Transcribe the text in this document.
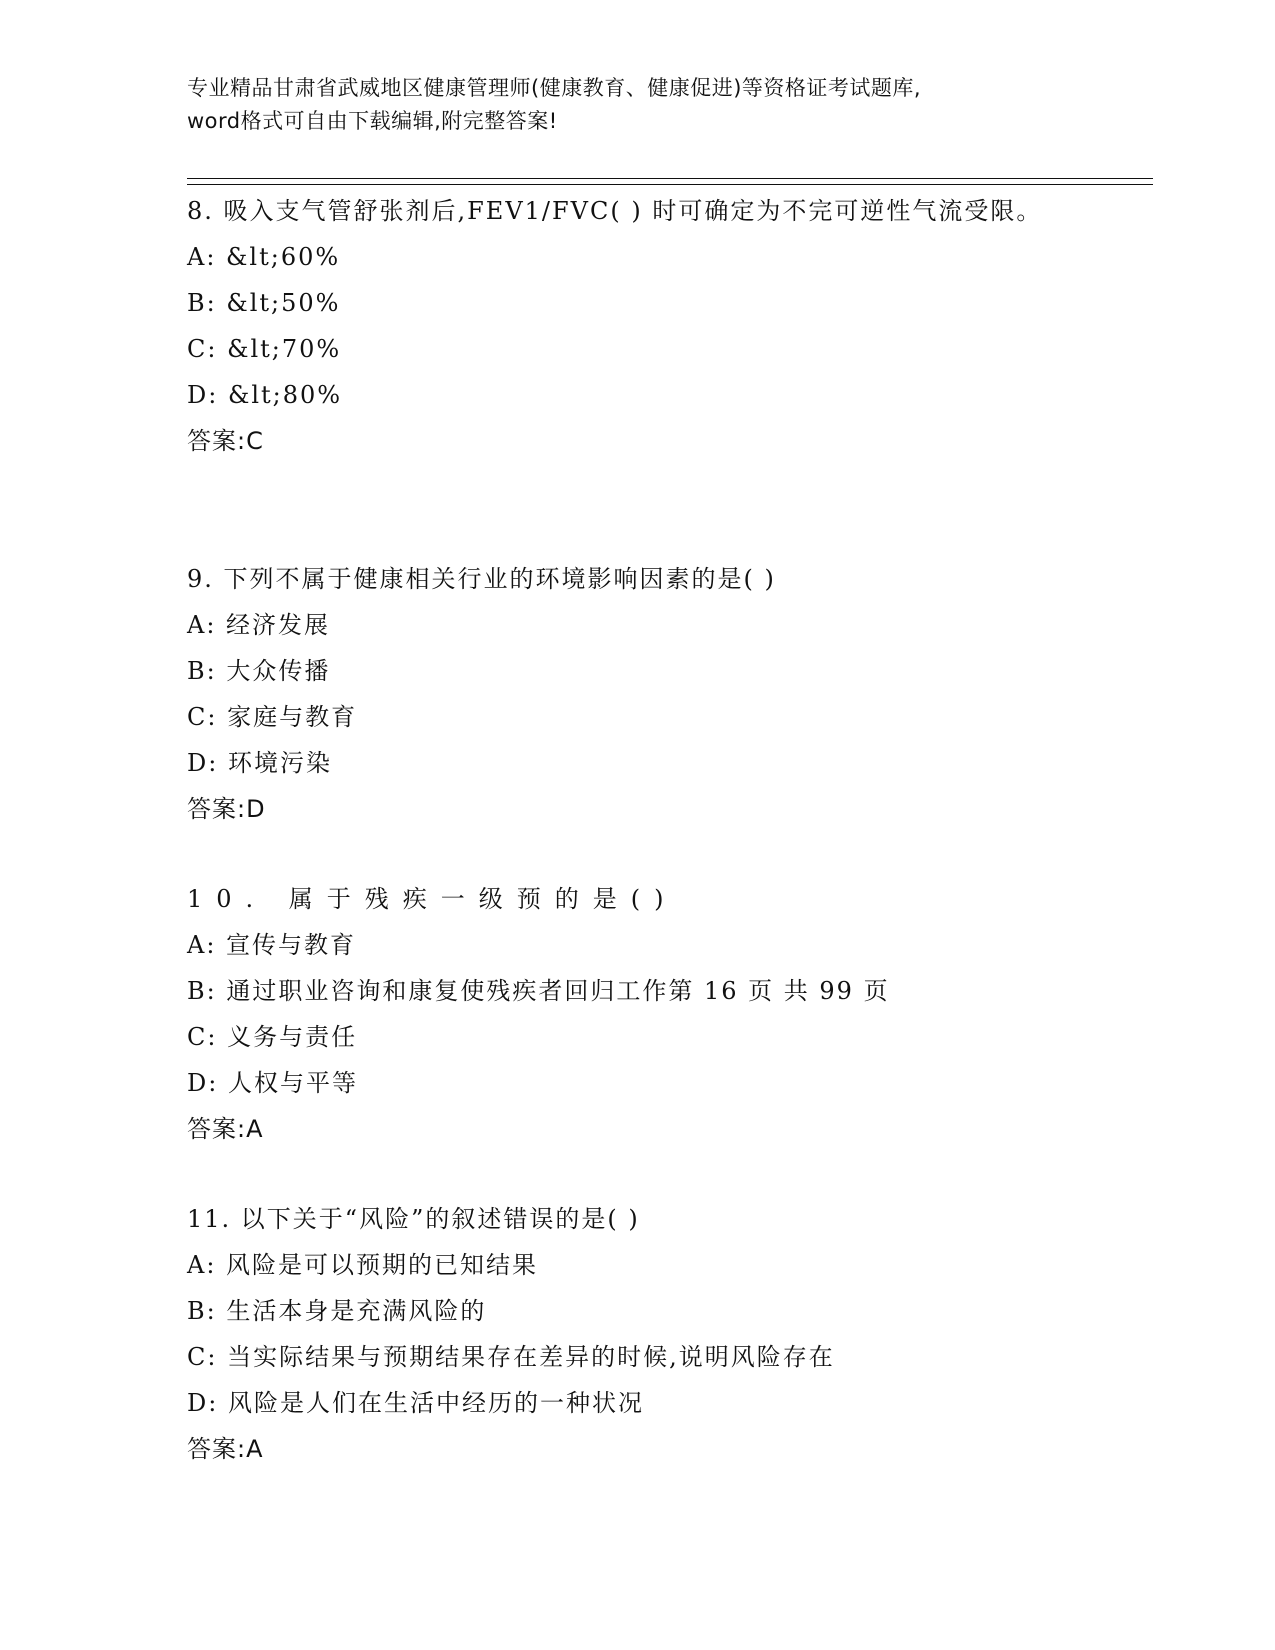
专业精品甘肃省武威地区健康管理师(健康教育、健康促进)等资格证考试题库,
word格式可自由下载编辑,附完整答案!

8. 吸入支气管舒张剂后,FEV1/FVC( ) 时可确定为不完可逆性气流受限。

A: &lt;60%

B: &lt;50%

C: &lt;70%

D: &lt;80%

答案:C

9. 下列不属于健康相关行业的环境影响因素的是( )

A: 经济发展

B: 大众传播

C: 家庭与教育

D: 环境污染

答案:D

10. 属于残疾一级预的是()

A: 宣传与教育

B: 通过职业咨询和康复使残疾者回归工作第 16 页 共 99 页

C: 义务与责任

D: 人权与平等

答案:A

11. 以下关于“风险”的叙述错误的是( )

A: 风险是可以预期的已知结果

B: 生活本身是充满风险的

C: 当实际结果与预期结果存在差异的时候,说明风险存在

D: 风险是人们在生活中经历的一种状况

答案:A
